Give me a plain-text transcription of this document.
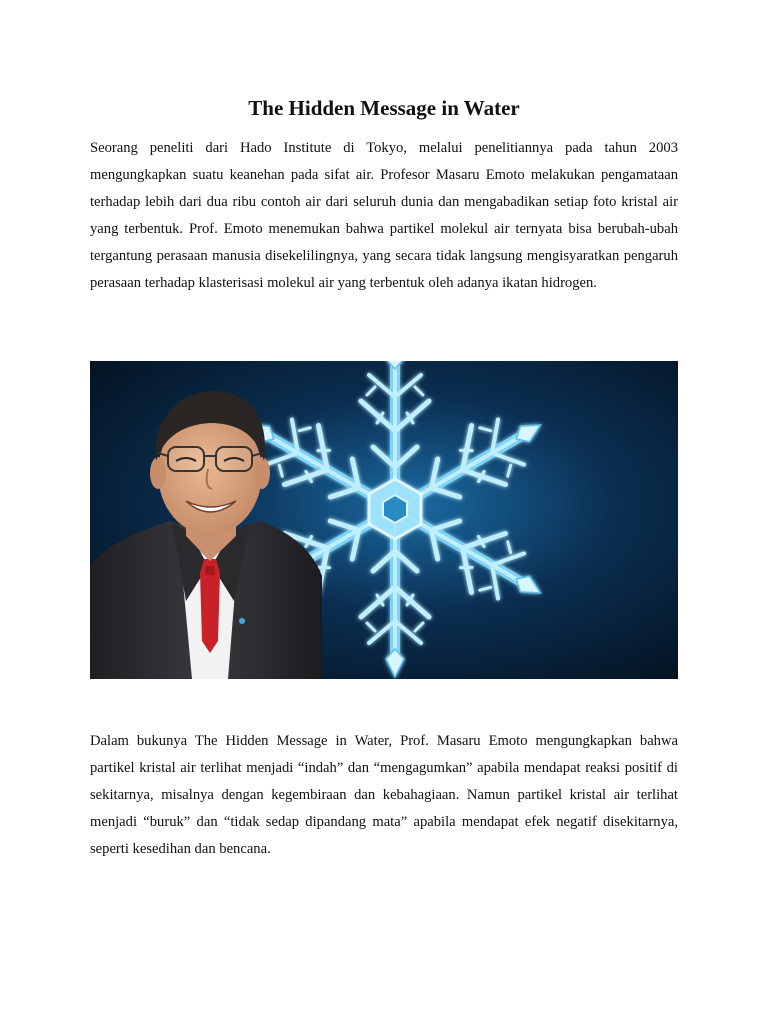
The Hidden Message in Water

Seorang peneliti dari Hado Institute di Tokyo, melalui penelitiannya pada tahun 2003 mengungkapkan suatu keanehan pada sifat air. Profesor Masaru Emoto melakukan pengamataan terhadap lebih dari dua ribu contoh air dari seluruh dunia dan mengabadikan setiap foto kristal air yang terbentuk. Prof. Emoto menemukan bahwa partikel molekul air ternyata bisa berubah-ubah tergantung perasaan manusia disekelilingnya, yang secara tidak langsung mengisyaratkan pengaruh perasaan terhadap klasterisasi molekul air yang terbentuk oleh adanya ikatan hidrogen.

Dalam bukunya The Hidden Message in Water, Prof. Masaru Emoto mengungkapkan bahwa partikel kristal air terlihat menjadi “indah” dan “mengagumkan” apabila mendapat reaksi positif di sekitarnya, misalnya dengan kegembiraan dan kebahagiaan. Namun partikel kristal air terlihat menjadi “buruk” dan “tidak sedap dipandang mata” apabila mendapat efek negatif disekitarnya, seperti kesedihan dan bencana.
